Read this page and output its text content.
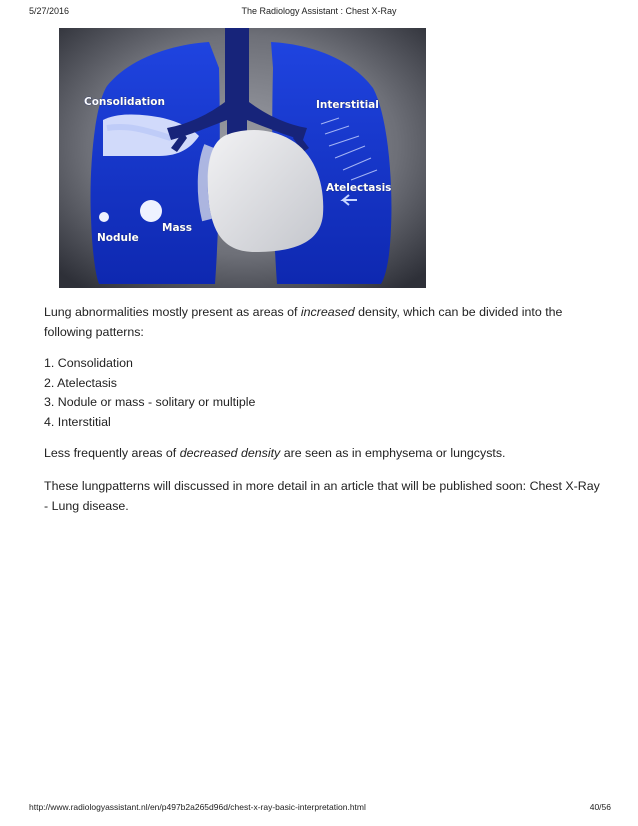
5/27/2016	The Radiology Assistant : Chest X-Ray
Consolidation	Interstitial
Atelectasis
Mass
Nodule

Lung abnormalities mostly present as areas of increased density, which can be divided into the following patterns:

1. Consolidation
2. Atelectasis
3. Nodule or mass - solitary or multiple
4. Interstitial

Less frequently areas of decreased density are seen as in emphysema or lungcysts.

These lungpatterns will discussed in more detail in an article that will be published soon: Chest X-Ray - Lung disease.

http://www.radiologyassistant.nl/en/p497b2a265d96d/chest-x-ray-basic-interpretation.html	40/56
